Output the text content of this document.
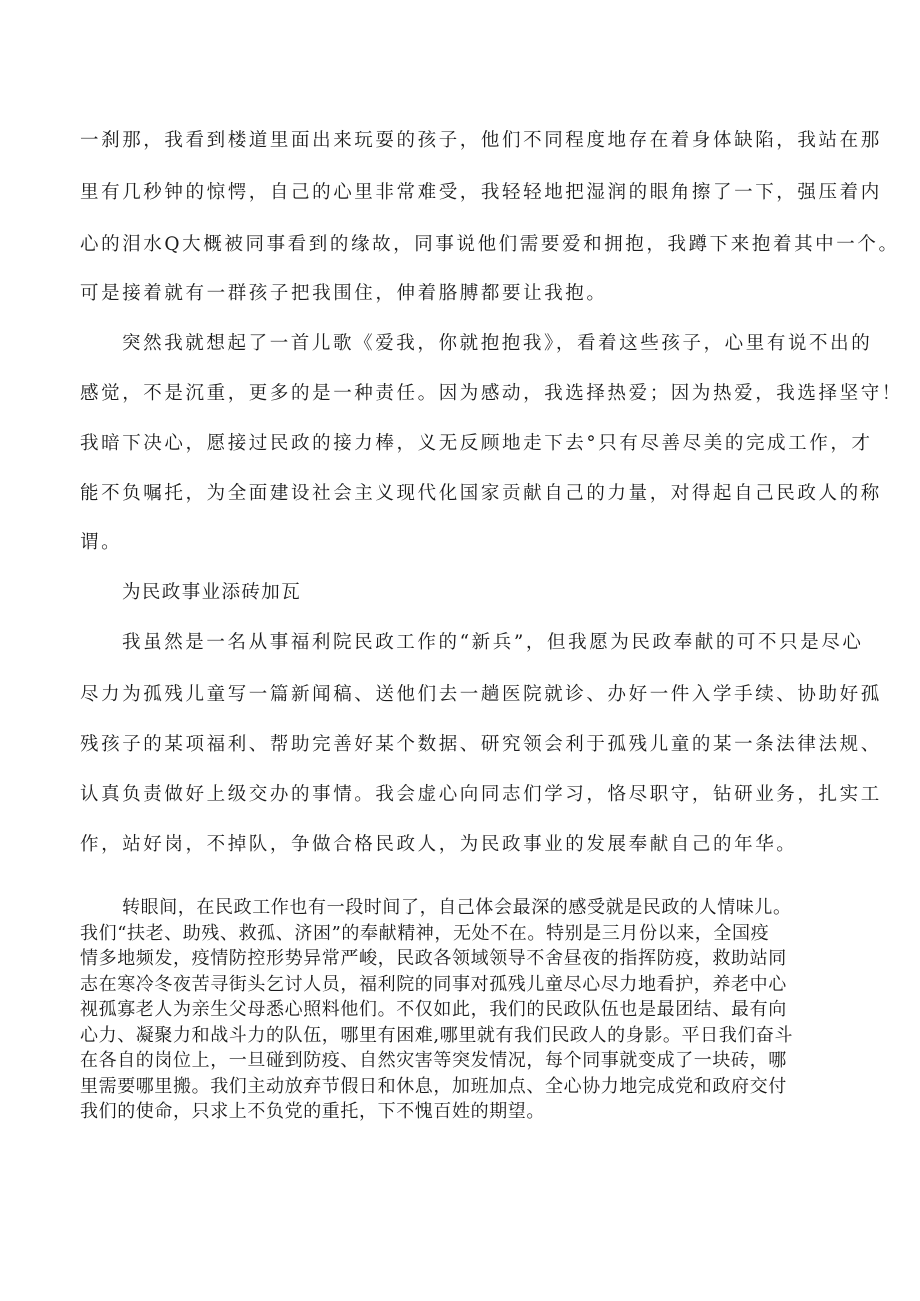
一刹那，我看到楼道里面出来玩耍的孩子，他们不同程度地存在着身体缺陷，我站在那

里有几秒钟的惊愕，自己的心里非常难受，我轻轻地把湿润的眼角擦了一下，强压着内

心的泪水Q大概被同事看到的缘故，同事说他们需要爱和拥抱，我蹲下来抱着其中一个。

可是接着就有一群孩子把我围住，伸着胳膊都要让我抱。

突然我就想起了一首儿歌《爱我，你就抱抱我》，看着这些孩子，心里有说不出的

感觉，不是沉重，更多的是一种责任。因为感动，我选择热爱；因为热爱，我选择坚守！

我暗下决心，愿接过民政的接力棒，义无反顾地走下去°只有尽善尽美的完成工作，才

能不负嘱托，为全面建设社会主义现代化国家贡献自己的力量，对得起自己民政人的称

谓。

为民政事业添砖加瓦

我虽然是一名从事福利院民政工作的“新兵”，但我愿为民政奉献的可不只是尽心

尽力为孤残儿童写一篇新闻稿、送他们去一趟医院就诊、办好一件入学手续、协助好孤

残孩子的某项福利、帮助完善好某个数据、研究领会利于孤残儿童的某一条法律法规、

认真负责做好上级交办的事情。我会虚心向同志们学习，恪尽职守，钻研业务，扎实工

作，站好岗，不掉队，争做合格民政人，为民政事业的发展奉献自己的年华。

转眼间，在民政工作也有一段时间了，自己体会最深的感受就是民政的人情味儿。

我们“扶老、助残、救孤、济困”的奉献精神，无处不在。特别是三月份以来，全国疫

情多地频发，疫情防控形势异常严峻，民政各领域领导不舍昼夜的指挥防疫，救助站同

志在寒冷冬夜苦寻街头乞讨人员，福利院的同事对孤残儿童尽心尽力地看护，养老中心

视孤寡老人为亲生父母悉心照料他们。不仅如此，我们的民政队伍也是最团结、最有向

心力、凝聚力和战斗力的队伍，哪里有困难,哪里就有我们民政人的身影。平日我们奋斗

在各自的岗位上，一旦碰到防疫、自然灾害等突发情况，每个同事就变成了一块砖，哪

里需要哪里搬。我们主动放弃节假日和休息，加班加点、全心协力地完成党和政府交付

我们的使命，只求上不负党的重托，下不愧百姓的期望。
